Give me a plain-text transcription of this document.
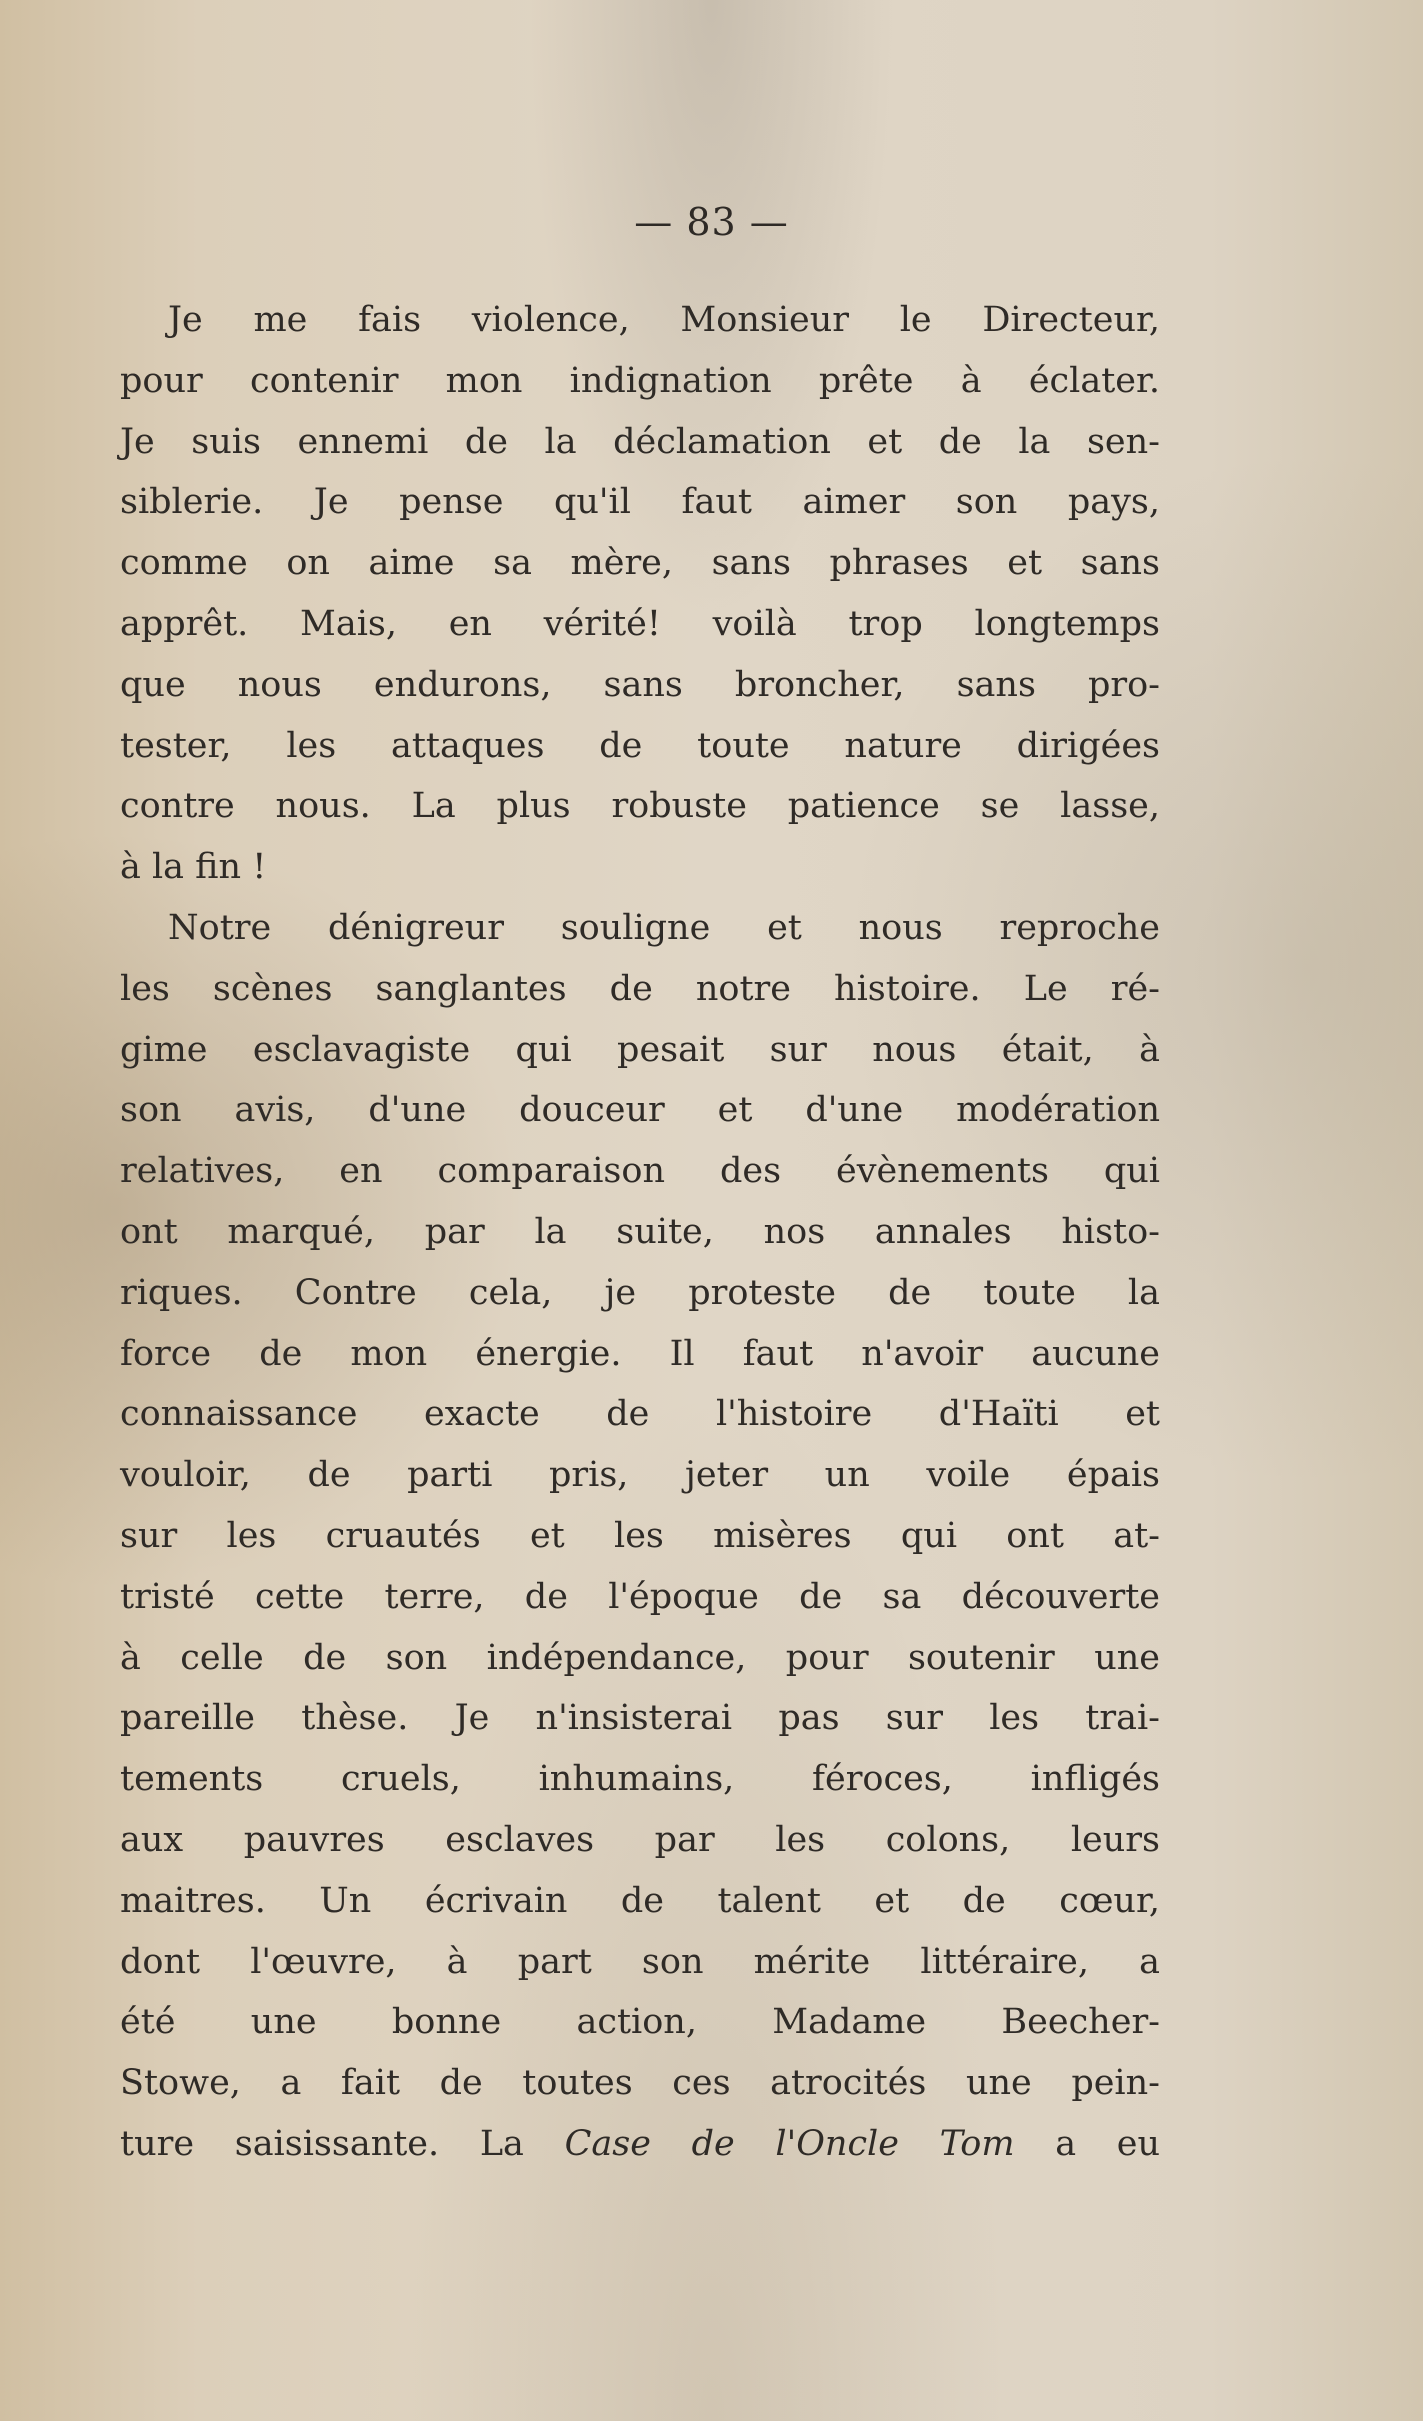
— 83 —
Je me fais violence, Monsieur le Directeur,
pour contenir mon indignation prête à éclater.
Je suis ennemi de la déclamation et de la sen-
siblerie. Je pense qu'il faut aimer son pays,
comme on aime sa mère, sans phrases et sans
apprêt. Mais, en vérité! voilà trop longtemps
que nous endurons, sans broncher, sans pro-
tester, les attaques de toute nature dirigées
contre nous. La plus robuste patience se lasse,
à la fin !
Notre dénigreur souligne et nous reproche
les scènes sanglantes de notre histoire. Le ré-
gime esclavagiste qui pesait sur nous était, à
son avis, d'une douceur et d'une modération
relatives, en comparaison des évènements qui
ont marqué, par la suite, nos annales histo-
riques. Contre cela, je proteste de toute la
force de mon énergie. Il faut n'avoir aucune
connaissance exacte de l'histoire d'Haïti et
vouloir, de parti pris, jeter un voile épais
sur les cruautés et les misères qui ont at-
tristé cette terre, de l'époque de sa découverte
à celle de son indépendance, pour soutenir une
pareille thèse. Je n'insisterai pas sur les trai-
tements cruels, inhumains, féroces, infligés
aux pauvres esclaves par les colons, leurs
maitres. Un écrivain de talent et de cœur,
dont l'œuvre, à part son mérite littéraire, a
été une bonne action, Madame Beecher-
Stowe, a fait de toutes ces atrocités une pein-
ture saisissante. La Case de l'Oncle Tom a eu
